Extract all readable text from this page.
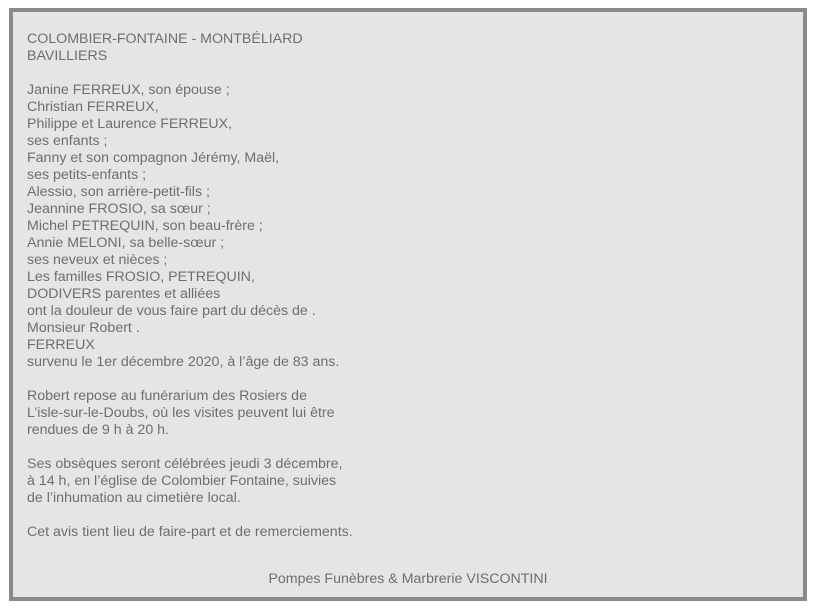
COLOMBIER-FONTAINE - MONTBÉLIARD
BAVILLIERS
Janine FERREUX, son épouse ;
Christian FERREUX,
Philippe et Laurence FERREUX,
ses enfants ;
Fanny et son compagnon Jérémy, Maël,
ses petits-enfants ;
Alessio, son arrière-petit-fils ;
Jeannine FROSIO, sa sœur ;
Michel PETREQUIN, son beau-frère ;
Annie MELONI, sa belle-sœur ;
ses neveux et nièces ;
Les familles FROSIO, PETREQUIN,
DODIVERS parentes et alliées
ont la douleur de vous faire part du décès de .
Monsieur Robert .
FERREUX
survenu le 1er décembre 2020, à l’âge de 83 ans.
Robert repose au funérarium des Rosiers de
L’isle-sur-le-Doubs, où les visites peuvent lui être
rendues de 9 h à 20 h.
Ses obsèques seront célébrées jeudi 3 décembre,
à 14 h, en l’église de Colombier Fontaine, suivies
de l’inhumation au cimetière local.
Cet avis tient lieu de faire-part et de remerciements.
Pompes Funèbres & Marbrerie VISCONTINI
